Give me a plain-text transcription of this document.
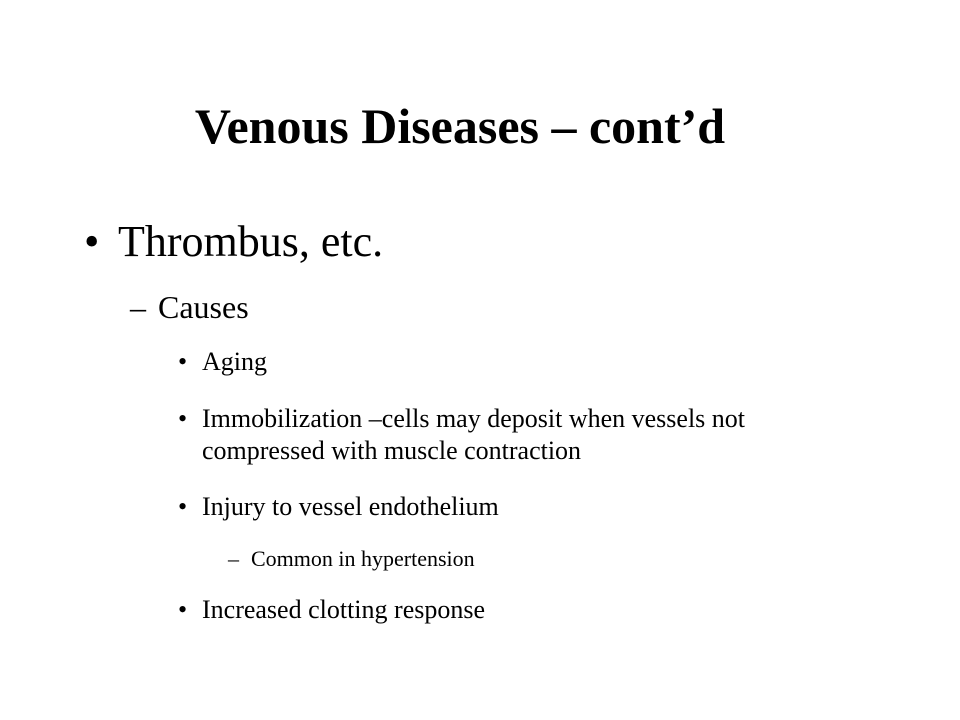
Venous Diseases – cont’d
• Thrombus, etc.
– Causes
• Aging
• Immobilization –cells may deposit when vessels not compressed with muscle contraction
• Injury to vessel endothelium
– Common in hypertension
• Increased clotting response
